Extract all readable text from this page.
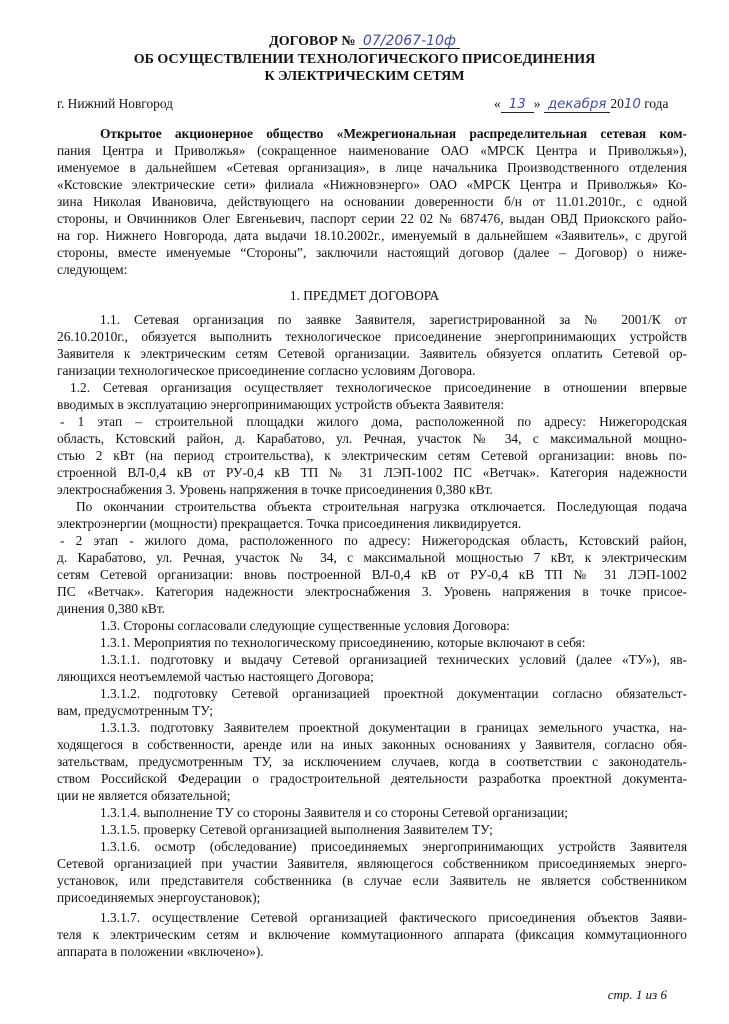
ДОГОВОР № 07/2067-10ф
ОБ ОСУЩЕСТВЛЕНИИ ТЕХНОЛОГИЧЕСКОГО ПРИСОЕДИНЕНИЯ
К ЭЛЕКТРИЧЕСКИМ СЕТЯМ
г. Нижний Новгород	« 13 » декабря 2010 года
Открытое акционерное общество «Межрегиональная распределительная сетевая ком-
пания Центра и Приволжья» (сокращенное наименование ОАО «МРСК Центра и Приволжья»),
именуемое в дальнейшем «Сетевая организация», в лице начальника Производственного отделения
«Кстовские электрические сети» филиала «Нижновэнерго» ОАО «МРСК Центра и Приволжья» Ко-
зина Николая Ивановича, действующего на основании доверенности б/н от 11.01.2010г., с одной
стороны, и Овчинников Олег Евгеньевич, паспорт серии 22 02 № 687476, выдан ОВД Приокского райо-
на гор. Нижнего Новгорода, дата выдачи 18.10.2002г., именуемый в дальнейшем «Заявитель», с другой
стороны, вместе именуемые “Стороны”, заключили настоящий договор (далее – Договор) о ниже-
следующем:
1. ПРЕДМЕТ ДОГОВОРА
1.1. Сетевая организация по заявке Заявителя, зарегистрированной за № 2001/К от
26.10.2010г., обязуется выполнить технологическое присоединение энергопринимающих устройств
Заявителя к электрическим сетям Сетевой организации. Заявитель обязуется оплатить Сетевой ор-
ганизации технологическое присоединение согласно условиям Договора.
1.2. Сетевая организация осуществляет технологическое присоединение в отношении впервые
вводимых в эксплуатацию энергопринимающих устройств объекта Заявителя:
- 1 этап – строительной площадки жилого дома, расположенной по адресу: Нижегородская
область, Кстовский район, д. Карабатово, ул. Речная, участок № 34, с максимальной мощно-
стью 2 кВт (на период строительства), к электрическим сетям Сетевой организации: вновь по-
строенной ВЛ-0,4 кВ от РУ-0,4 кВ ТП № 31 ЛЭП-1002 ПС «Ветчак». Категория надежности
электроснабжения 3. Уровень напряжения в точке присоединения 0,380 кВт.
По окончании строительства объекта строительная нагрузка отключается. Последующая подача
электроэнергии (мощности) прекращается. Точка присоединения ликвидируется.
- 2 этап - жилого дома, расположенного по адресу: Нижегородская область, Кстовский район,
д. Карабатово, ул. Речная, участок № 34, с максимальной мощностью 7 кВт, к электрическим
сетям Сетевой организации: вновь построенной ВЛ-0,4 кВ от РУ-0,4 кВ ТП № 31 ЛЭП-1002
ПС «Ветчак». Категория надежности электроснабжения 3. Уровень напряжения в точке присое-
динения 0,380 кВт.
1.3. Стороны согласовали следующие существенные условия Договора:
1.3.1. Мероприятия по технологическому присоединению, которые включают в себя:
1.3.1.1. подготовку и выдачу Сетевой организацией технических условий (далее «ТУ»), яв-
ляющихся неотъемлемой частью настоящего Договора;
1.3.1.2. подготовку Сетевой организацией проектной документации согласно обязательст-
вам, предусмотренным ТУ;
1.3.1.3. подготовку Заявителем проектной документации в границах земельного участка, на-
ходящегося в собственности, аренде или на иных законных основаниях у Заявителя, согласно обя-
зательствам, предусмотренным ТУ, за исключением случаев, когда в соответствии с законодатель-
ством Российской Федерации о градостроительной деятельности разработка проектной документа-
ции не является обязательной;
1.3.1.4. выполнение ТУ со стороны Заявителя и со стороны Сетевой организации;
1.3.1.5. проверку Сетевой организацией выполнения Заявителем ТУ;
1.3.1.6. осмотр (обследование) присоединяемых энергопринимающих устройств Заявителя
Сетевой организацией при участии Заявителя, являющегося собственником присоединяемых энерго-
установок, или представителя собственника (в случае если Заявитель не является собственником
присоединяемых энергоустановок);
1.3.1.7. осуществление Сетевой организацией фактического присоединения объектов Заяви-
теля к электрическим сетям и включение коммутационного аппарата (фиксация коммутационного
аппарата в положении «включено»).
стр. 1 из 6
